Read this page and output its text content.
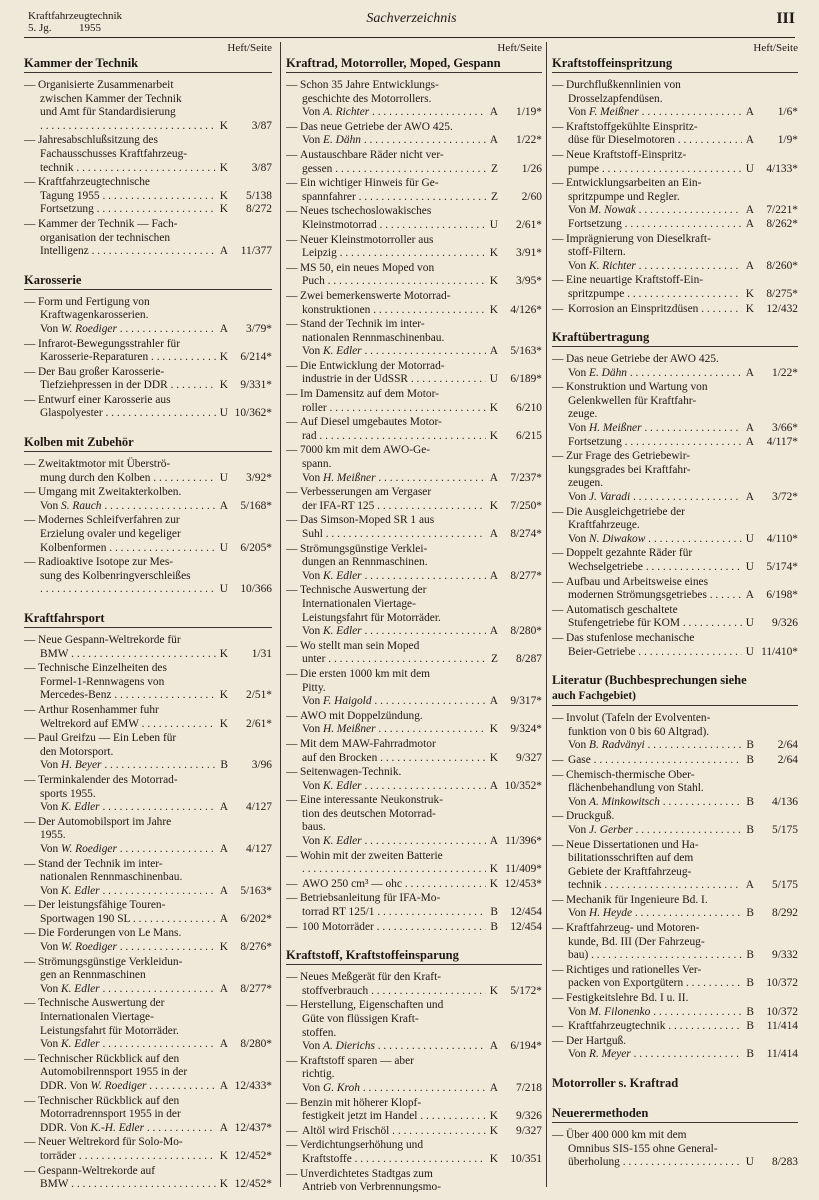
Kraftfahrzeugtechnik
5. Jg.          1955
Sachverzeichnis	III
Heft/Seite
Kammer der Technik
— Organisierte Zusammenarbeit
zwischen Kammer der Technik
und Amt für Standardisierung
. . .
K	3/87
— Jahresabschlußsitzung des
Fachausschusses Kraftfahrzeug-
technik . . .	K	3/87
— Kraftfahrzeugtechnische
Tagung 1955 . . .	K	5/138
Fortsetzung . . .	K	8/272
— Kammer der Technik — Fach-
organisation der technischen
Intelligenz . . .	A	11/377
Karosserie
— Form und Fertigung von
Kraftwagenkarosserien.
Von W. Roediger . . .	A	3/79*
— Infrarot-Bewegungsstrahler für
Karosserie-Reparaturen . . .	K	6/214*
— Der Bau großer Karosserie-
Tiefziehpressen in der DDR . . .	K	9/331*
— Entwurf einer Karosserie aus
Glaspolyester . . .	U 10/362*
Kolben mit Zubehör
— Zweitaktmotor mit Überströ-
mung durch den Kolben . . .	U	3/92*
— Umgang mit Zweitakterkolben.
Von S. Rauch . . .	A	5/168*
— Modernes Schleifverfahren zur
Erzielung ovaler und kegeliger
Kolbenformen . . .	U	6/205*
— Radioaktive Isotope zur Mes-
sung des Kolbenringverschleißes
. . .
U	10/366
Kraftfahrsport
— Neue Gespann-Weltrekorde für
BMW . . .	K	1/31
— Technische Einzelheiten des
Formel-1-Rennwagens von
Mercedes-Benz . . .	K	2/51*
— Arthur Rosenhammer fuhr
Weltrekord auf EMW . . .	K	2/61*
— Paul Greifzu — Ein Leben für
den Motorsport.
Von H. Beyer . . .	B	3/96
— Terminkalender des Motorrad-
sports 1955.
Von K. Edler . . .	A	4/127
— Der Automobilsport im Jahre
1955.
Von W. Roediger . . .	A	4/127
— Stand der Technik im inter-
nationalen Rennmaschinenbau.
Von K. Edler . . .	A	5/163*
— Der leistungsfähige Touren-
Sportwagen 190 SL . . .	A	6/202*
— Die Forderungen von Le Mans.
Von W. Roediger . . .	K	8/276*
— Strömungsgünstige Verkleidun-
gen an Rennmaschinen
Von K. Edler . . .	A	8/277*
— Technische Auswertung der
Internationalen Viertage-
Leistungsfahrt für Motorräder.
Von K. Edler . . .	A	8/280*
— Technischer Rückblick auf den
Automobilrennsport 1955 in der
DDR. Von W. Roediger . . .	A 12/433*
— Technischer Rückblick auf den
Motorradrennsport 1955 in der
DDR. Von K.-H. Edler . . .	A 12/437*
— Neuer Weltrekord für Solo-Mo-
torräder . . .	K 12/452*
— Gespann-Weltrekorde auf
BMW . . .	K 12/452*
Heft/Seite
Kraftrad, Motorroller, Moped, Gespann
— Schon 35 Jahre Entwicklungs-
geschichte des Motorrollers.
Von A. Richter . . .	A	1/19*
— Das neue Getriebe der AWO 425.
Von E. Dähn . . .	A	1/22*
— Austauschbare Räder nicht ver-
gessen . . .	Z	1/26
— Ein wichtiger Hinweis für Ge-
spannfahrer . . .	Z	2/60
— Neues tschechoslowakisches
Kleinstmotorrad . . .	U	2/61*
— Neuer Kleinstmotorroller aus
Leipzig . . .	K	3/91*
— MS 50, ein neues Moped von
Puch . . .	K	3/95*
— Zwei bemerkenswerte Motorrad-
konstruktionen . . .	K	4/126*
— Stand der Technik im inter-
nationalen Rennmaschinenbau.
Von K. Edler . . .	A	5/163*
— Die Entwicklung der Motorrad-
industrie in der UdSSR . . .	U	6/189*
— Im Damensitz auf dem Motor-
roller . . .	K	6/210
— Auf Diesel umgebautes Motor-
rad . . .	K	6/215
— 7000 km mit dem AWO-Ge-
spann.
Von H. Meißner . . .	A	7/237*
— Verbesserungen am Vergaser
der IFA-RT 125 . . .	K	7/250*
— Das Simson-Moped SR 1 aus
Suhl . . .	A	8/274*
— Strömungsgünstige Verklei-
dungen an Rennmaschinen.
Von K. Edler . . .	A	8/277*
— Technische Auswertung der
Internationalen Viertage-
Leistungsfahrt für Motorräder.
Von K. Edler . . .	A	8/280*
— Wo stellt man sein Moped
unter . . .	Z	8/287
— Die ersten 1000 km mit dem
Pitty.
Von F. Haigold . . .	A	9/317*
— AWO mit Doppelzündung.
Von H. Meißner . . .	K	9/324*
— Mit dem MAW-Fahrradmotor
auf den Brocken . . .	K	9/327
— Seitenwagen-Technik.
Von K. Edler . . .	A 10/352*
— Eine interessante Neukonstruk-
tion des deutschen Motorrad-
baus.
Von K. Edler . . .	A 11/396*
— Wohin mit der zweiten Batterie
. . .
K 11/409*
— AWO 250 cm³ — ohc . . .	K 12/453*
— Betriebsanleitung für IFA-Mo-
torrad RT 125/1 . . .	B	12/454
— 100 Motorräder . . .	B	12/454
Kraftstoff, Kraftstoffeinsparung
— Neues Meßgerät für den Kraft-
stoffverbrauch . . .	K	5/172*
— Herstellung, Eigenschaften und
Güte von flüssigen Kraft-
stoffen.
Von A. Dierichs . . .	A	6/194*
— Kraftstoff sparen — aber
richtig.
Von G. Kroh . . .	A	7/218
— Benzin mit höherer Klopf-
festigkeit jetzt im Handel . . .	K	9/326
— Altöl wird Frischöl . . .	K	9/327
— Verdichtungserhöhung und
Kraftstoffe . . .	K	10/351
— Unverdichtetes Stadtgas zum
Antrieb von Verbrennungsmo-
Heft/Seite
Kraftstoffeinspritzung
— Durchflußkennlinien von
Drosselzapfendüsen.
Von F. Meißner . . .	A	1/6*
— Kraftstoffgekühlte Einspritz-
düse für Dieselmotoren . . .	A	1/9*
— Neue Kraftstoff-Einspritz-
pumpe . . .	U	4/133*
— Entwicklungsarbeiten an Ein-
spritzpumpe und Regler.
Von M. Nowak . . .	A	7/221*
Fortsetzung . . .	A	8/262*
— Imprägnierung von Dieselkraft-
stoff-Filtern.
Von K. Richter . . .	A	8/260*
— Eine neuartige Kraftstoff-Ein-
spritzpumpe . . .	K	8/275*
— Korrosion an Einspritzdüsen . . .	K	12/432
Kraftübertragung
— Das neue Getriebe der AWO 425.
Von E. Dähn . . .	A	1/22*
— Konstruktion und Wartung von
Gelenkwellen für Kraftfahr-
zeuge.
Von H. Meißner . . .	A	3/66*
Fortsetzung . . .	A	4/117*
— Zur Frage des Getriebewir-
kungsgrades bei Kraftfahr-
zeugen.
Von J. Varadi . . .	A	3/72*
— Die Ausgleichgetriebe der
Kraftfahrzeuge.
Von N. Diwakow . . .	U	4/110*
— Doppelt gezahnte Räder für
Wechselgetriebe . . .	U	5/174*
— Aufbau und Arbeitsweise eines
modernen Strömungsgetriebes . . .	A	6/198*
— Automatisch geschaltete
Stufengetriebe für KOM . . .	U	9/326
— Das stufenlose mechanische
Beier-Getriebe . . .	U 11/410*
Literatur (Buchbesprechungen siehe
auch Fachgebiet)
— Involut (Tafeln der Evolventen-
funktion von 0 bis 60 Altgrad).
Von B. Radvänyi . . .	B	2/64
— Gase . . .	B	2/64
— Chemisch-thermische Ober-
flächenbehandlung von Stahl.
Von A. Minkowitsch . . .	B	4/136
— Druckguß.
Von J. Gerber . . .	B	5/175
— Neue Dissertationen und Ha-
bilitationsschriften auf dem
Gebiete der Kraftfahrzeug-
technik . . .	A	5/175
— Mechanik für Ingenieure Bd. I.
Von H. Heyde . . .	B	8/292
— Kraftfahrzeug- und Motoren-
kunde, Bd. III (Der Fahrzeug-
bau) . . .	B	9/332
— Richtiges und rationelles Ver-
packen von Exportgütern . . .	B	10/372
— Festigkeitslehre Bd. I u. II.
Von M. Filonenko . . .	B	10/372
— Kraftfahrzeugtechnik . . .	B	11/414
— Der Hartguß.
Von R. Meyer . . .	B	11/414
Motorroller s. Kraftrad
Neuerermethoden
— Über 400 000 km mit dem
Omnibus SIS-155 ohne General-
überholung . . .	U	8/283
